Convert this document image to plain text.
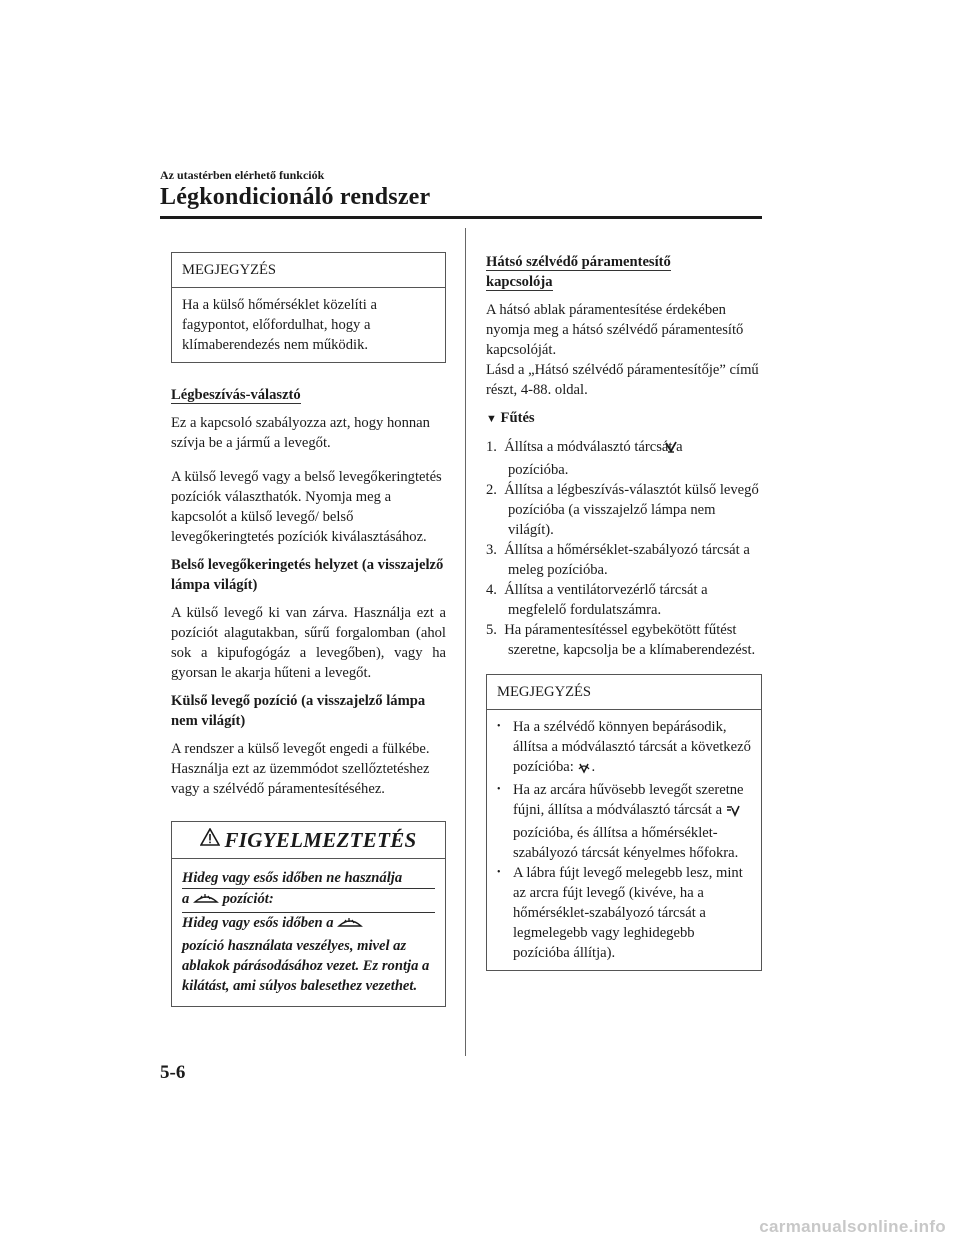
Az utastérben elérhető funkciók
Légkondicionáló rendszer
MEGJEGYZÉS
Ha a külső hőmérséklet közelíti a fagypontot, előfordulhat, hogy a klímaberendezés nem működik.
Légbeszívás-választó

Ez a kapcsoló szabályozza azt, hogy honnan szívja be a jármű a levegőt.

A külső levegő vagy a belső levegőkeringtetés pozíciók választhatók. Nyomja meg a kapcsolót a külső levegő/ belső levegőkeringtetés pozíciók kiválasztásához.

Belső levegőkeringetés helyzet (a visszajelző lámpa világít)

A külső levegő ki van zárva. Használja ezt a pozíciót alagutakban, sűrű forgalomban (ahol sok a kipufogógáz a levegőben), vagy ha gyorsan le akarja hűteni a levegőt.

Külső levegő pozíció (a visszajelző lámpa nem világít)

A rendszer a külső levegőt engedi a fülkébe. Használja ezt az üzemmódot szellőztetéshez vagy a szélvédő páramentesítéséhez.

FIGYELMEZTETÉS
Hideg vagy esős időben ne használja
a pozíciót:
Hideg vagy esős időben a
pozíció használata veszélyes, mivel az ablakok párásodásához vezet. Ez rontja a kilátást, ami súlyos balesethez vezethet.
Hátsó szélvédő páramentesítő
kapcsolója

A hátsó ablak páramentesítése érdekében nyomja meg a hátsó szélvédő páramentesítő kapcsolóját.

Lásd a „Hátsó szélvédő páramentesítője” című részt, 4-88. oldal.

▼ Fűtés
1. Állítsa a módválasztó tárcsát a
pozícióba.
2. Állítsa a légbeszívás-választót külső levegő pozícióba (a visszajelző lámpa nem világít).
3. Állítsa a hőmérséklet-szabályozó tárcsát a meleg pozícióba.
4. Állítsa a ventilátorvezérlő tárcsát a megfelelő fordulatszámra.
5. Ha páramentesítéssel egybekötött fűtést szeretne, kapcsolja be a klímaberendezést.
MEGJEGYZÉS
• Ha a szélvédő könnyen bepárásodik, állítsa a módválasztó tárcsát a következő pozícióba: .
• Ha az arcára hűvösebb levegőt szeretne fújni, állítsa a módválasztó tárcsát a  pozícióba, és állítsa a hőmérséklet-szabályozó tárcsát kényelmes hőfokra.
• A lábra fújt levegő melegebb lesz, mint az arcra fújt levegő (kivéve, ha a hőmérséklet-szabályozó tárcsát a legmelegebb vagy leghidegebb pozícióba állítja).
5-6
carmanualsonline.info
